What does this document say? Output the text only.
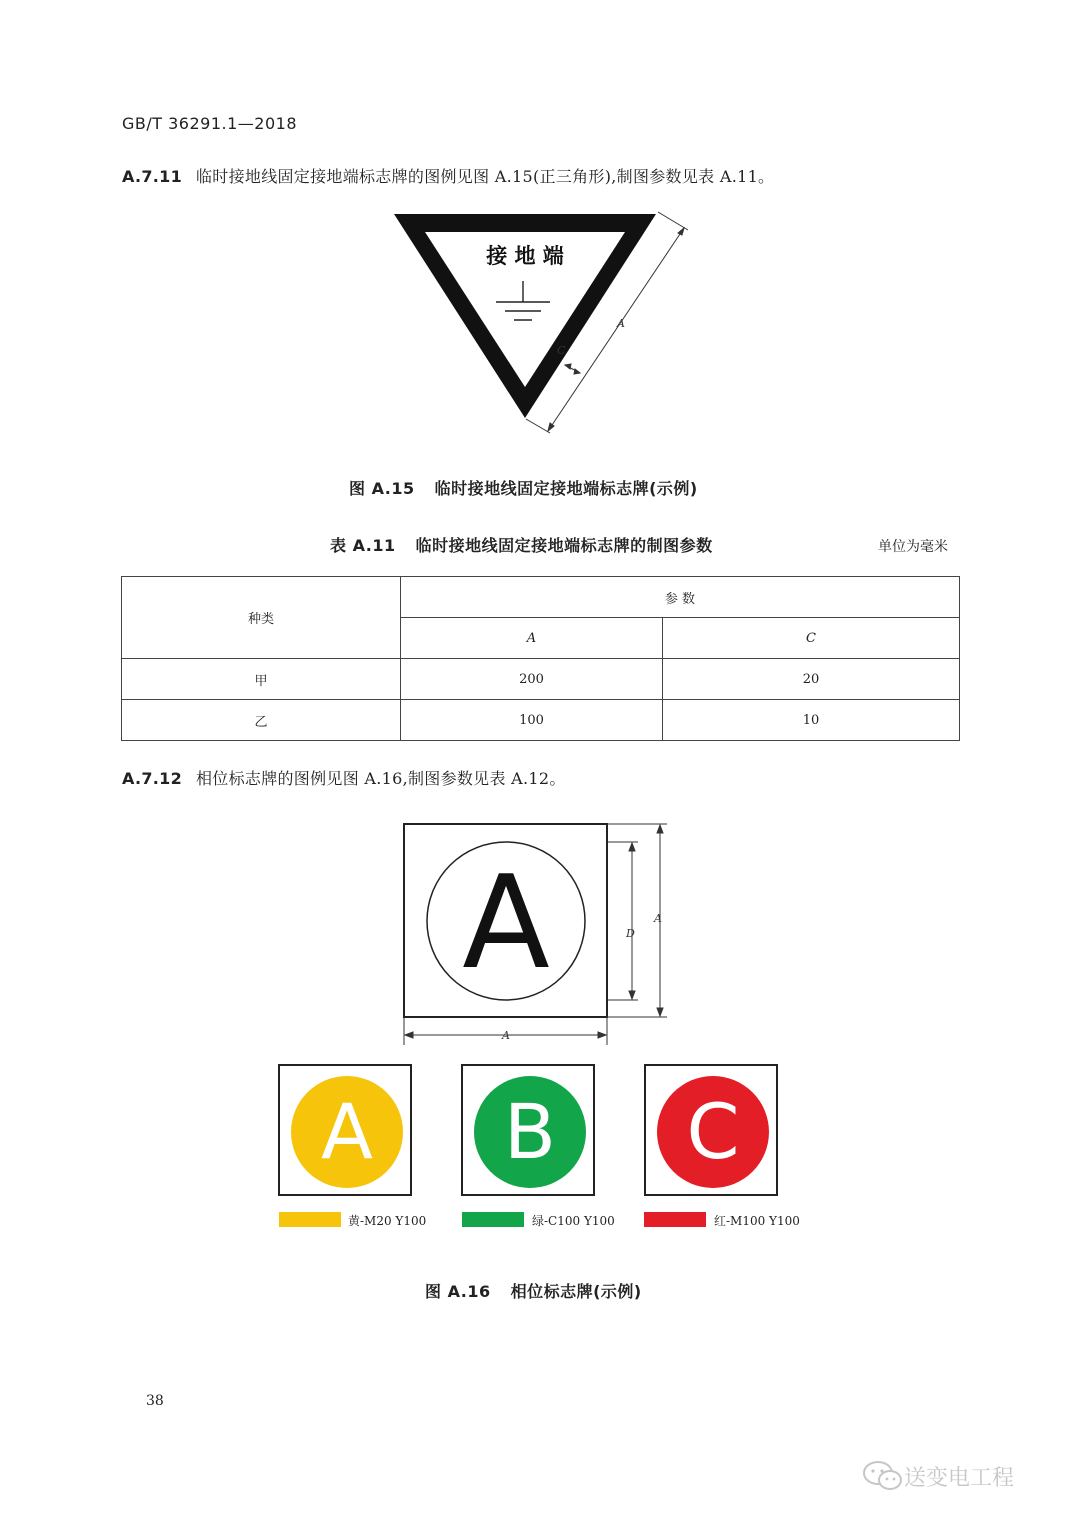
GB/T 36291.1—2018
A.7.11 临时接地线固定接地端标志牌的图例见图 A.15(正三角形),制图参数见表 A.11。
接 地 端
A
C
图 A.15 临时接地线固定接地端标志牌(示例)
表 A.11 临时接地线固定接地端标志牌的制图参数	单位为毫米
种类	参 数	
	A	C
甲	200	20
乙	100	10
A.7.12 相位标志牌的图例见图 A.16,制图参数见表 A.12。
A	D
A
A
A B C
黄-M20 Y100	绿-C100 Y100	红-M100 Y100
图 A.16 相位标志牌(示例)
38
送变电工程
